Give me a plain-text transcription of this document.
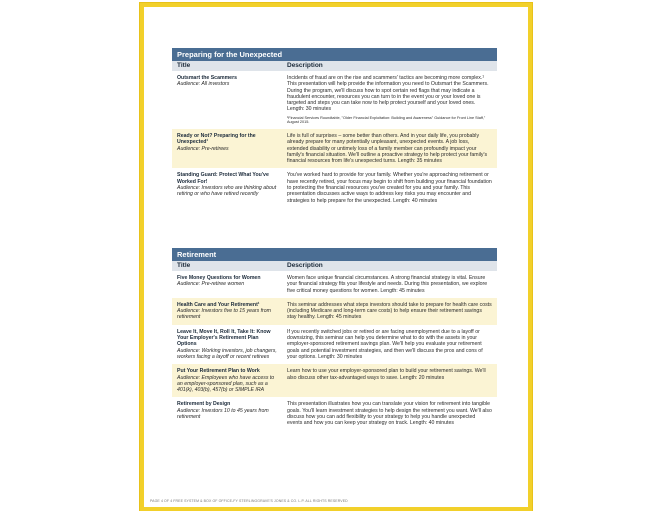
Preparing for the Unexpected
Title	Description
Outsmart the Scammers
Audience: All investors
Incidents of fraud are on the rise and scammers' tactics are becoming more complex.¹ This presentation will help provide the information you need to Outsmart the Scammers. During the program, we'll discuss how to spot certain red flags that may indicate a fraudulent encounter, resources you can turn to in the event you or your loved one is targeted and steps you can take now to help protect yourself and your loved ones. Length: 30 minutes
¹Financial Services Roundtable, "Older Financial Exploitation: Building and Awareness" Guidance for Front Line Staff," August 2015.
Ready or Not? Preparing for the Unexpected¹
Audience: Pre-retirees
Life is full of surprises – some better than others. And in your daily life, you probably already prepare for many potentially unpleasant, unexpected events. A job loss, extended disability or untimely loss of a family member can profoundly impact your family's financial situation. We'll outline a proactive strategy to help protect your family's financial resources from life's unexpected turns. Length: 35 minutes
Standing Guard: Protect What You've Worked For!
Audience: Investors who are thinking about retiring or who have retired recently
You've worked hard to provide for your family. Whether you're approaching retirement or have recently retired, your focus may begin to shift from building your financial foundation to protecting the financial resources you've created for you and your family. This presentation discusses active ways to address key risks you may encounter and strategies to help prepare for the unexpected. Length: 40 minutes
Retirement
Title	Description
Five Money Questions for Women
Audience: Pre-retiree women
Women face unique financial circumstances. A strong financial strategy is vital. Ensure your financial strategy fits your lifestyle and needs. During this presentation, we explore five critical money questions for women. Length: 45 minutes
Health Care and Your Retirement¹
Audience: Investors five to 15 years from retirement
This seminar addresses what steps investors should take to prepare for health care costs (including Medicare and long-term care costs) to help ensure their retirement savings stay healthy. Length: 45 minutes
Leave It, Move It, Roll It, Take It: Know Your Employer's Retirement Plan Options
Audience: Working investors, job changers, workers facing a layoff or recent retirees
If you recently switched jobs or retired or are facing unemployment due to a layoff or downsizing, this seminar can help you determine what to do with the assets in your employer-sponsored retirement savings plan. We'll help you evaluate your retirement goals and potential investment strategies, and then we'll discuss the pros and cons of your options. Length: 30 minutes
Put Your Retirement Plan to Work
Audience: Employees who have access to an employer-sponsored plan, such as a 401(k), 403(b), 457(b) or SIMPLE IRA
Learn how to use your employer-sponsored plan to build your retirement savings. We'll also discuss other tax-advantaged ways to save. Length: 20 minutes
Retirement by Design
Audience: Investors 10 to 45 years from retirement
This presentation illustrates how you can translate your vision for retirement into tangible goals. You'll learn investment strategies to help design the retirement you want. We'll also discuss how you can add flexibility to your strategy to help you handle unexpected events and how you can keep your strategy on track. Length: 40 minutes
PAGE 4 OF 4 FREE SYSTEM & BOX OF OFFICE-FY STERLINGGRAVE'S JONES & CO. L.P. ALL RIGHTS RESERVED
